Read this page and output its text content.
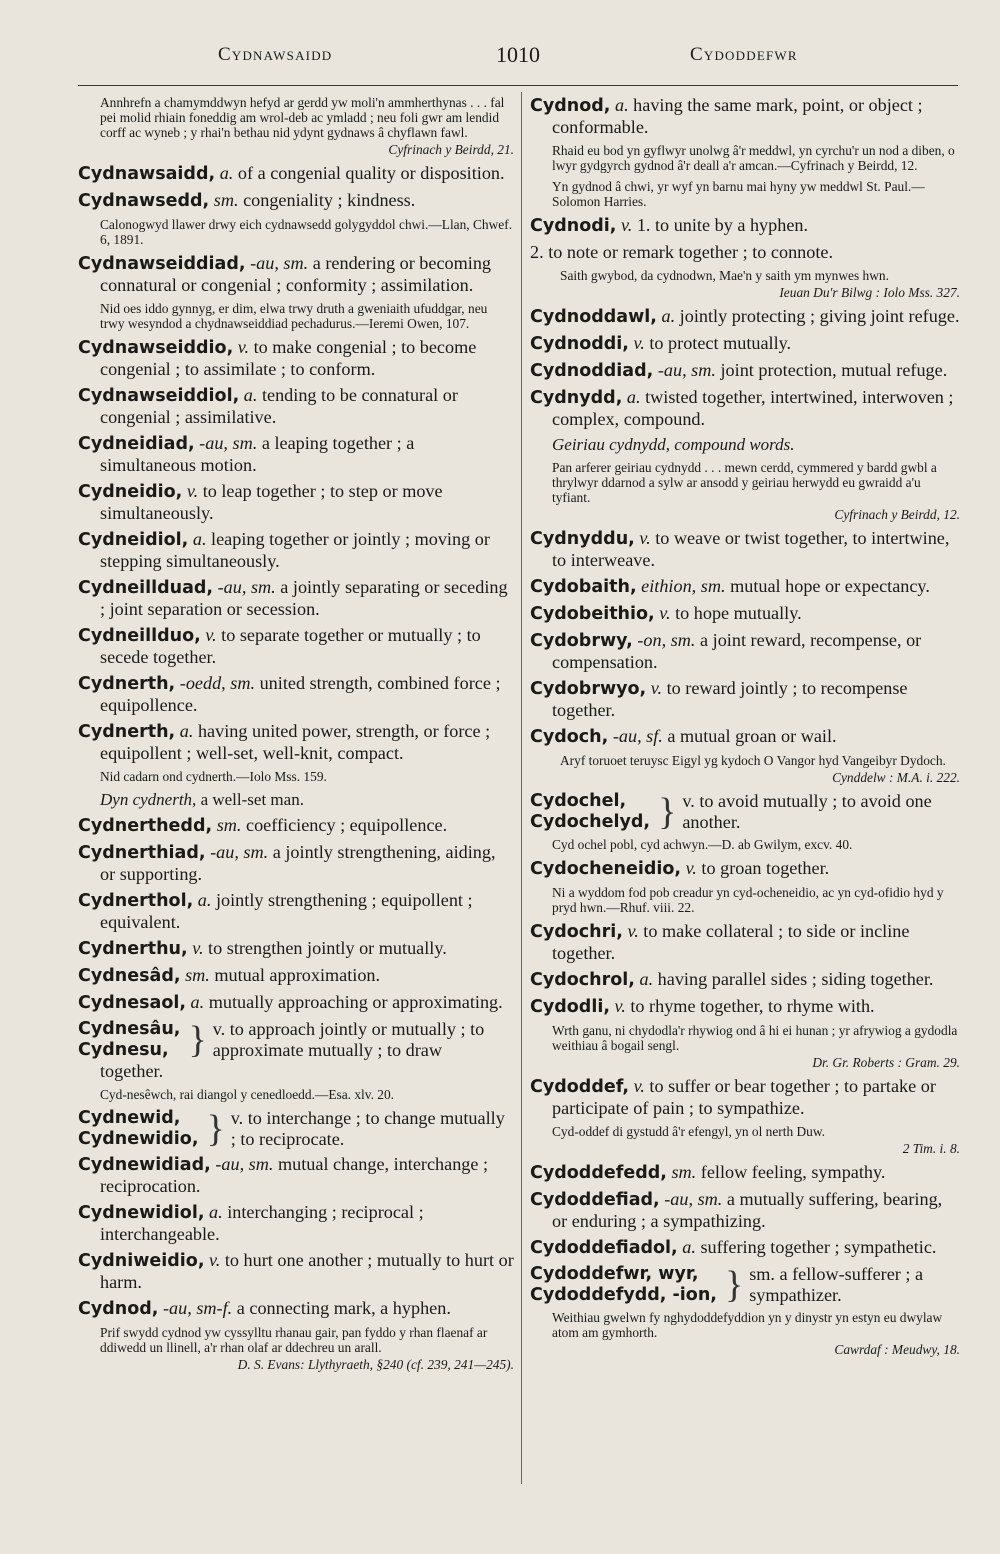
Cydnawsaidd	1010	Cydoddefwr
Annhrefn a chamymddwyn hefyd ar gerdd yw moli'n ammherthynas . . . fal pei molid rhiain foneddig am wrol-deb ac ymladd ; neu foli gwr am lendid corff ac wyneb ; y rhai'n bethau nid ydynt gydnaws â chyflawn fawl.
Cyfrinach y Beirdd, 21.
Cydnawsaidd, a. of a congenial quality or disposition.
Cydnawsedd, sm. congeniality ; kindness.
Calonogwyd llawer drwy eich cydnawsedd golygyddol chwi.—Llan, Chwef. 6, 1891.
Cydnawseiddiad, -au, sm. a rendering or becoming connatural or congenial ; conformity ; assimilation.
Nid oes iddo gynnyg, er dim, elwa trwy druth a gweniaith ufuddgar, neu trwy wesyndod a chydnawseiddiad pechadurus.—Ieremi Owen, 107.
Cydnawseiddio, v. to make congenial ; to become congenial ; to assimilate ; to conform.
Cydnawseiddiol, a. tending to be connatural or congenial ; assimilative.
Cydneidiad, -au, sm. a leaping together ; a simultaneous motion.
Cydneidio, v. to leap together ; to step or move simultaneously.
Cydneidiol, a. leaping together or jointly ; moving or stepping simultaneously.
Cydneillduad, -au, sm. a jointly separating or seceding ; joint separation or secession.
Cydneillduo, v. to separate together or mutually ; to secede together.
Cydnerth, -oedd, sm. united strength, combined force ; equipollence.
Cydnerth, a. having united power, strength, or force ; equipollent ; well-set, well-knit, compact.
Nid cadarn ond cydnerth.—Iolo Mss. 159.
Dyn cydnerth, a well-set man.
Cydnerthedd, sm. coefficiency ; equipollence.
Cydnerthiad, -au, sm. a jointly strengthening, aiding, or supporting.
Cydnerthol, a. jointly strengthening ; equipollent ; equivalent.
Cydnerthu, v. to strengthen jointly or mutually.
Cydnesâd, sm. mutual approximation.
Cydnesaol, a. mutually approaching or approximating.
Cydnesâu,
Cydnesu, } v. to approach jointly or mutually ; to approximate mutually ; to draw
together.
Cyd-nesêwch, rai diangol y cenedloedd.—Esa. xlv. 20.
Cydnewid,
Cydnewidio, } v. to interchange ; to change mutually ; to reciprocate.
Cydnewidiad, -au, sm. mutual change, interchange ; reciprocation.
Cydnewidiol, a. interchanging ; reciprocal ; interchangeable.
Cydniweidio, v. to hurt one another ; mutually to hurt or harm.
Cydnod, -au, sm-f. a connecting mark, a hyphen.
Prif swydd cydnod yw cyssylltu rhanau gair, pan fyddo y rhan flaenaf ar ddiwedd un llinell, a'r rhan olaf ar ddechreu un arall.
D. S. Evans: Llythyraeth, §240 (cf. 239, 241—245).
Cydnod, a. having the same mark, point, or object ; conformable.
Rhaid eu bod yn gyflwyr unolwg â'r meddwl, yn cyrchu'r un nod a diben, o lwyr gydgyrch gydnod â'r deall a'r amcan.—Cyfrinach y Beirdd, 12.
Yn gydnod â chwi, yr wyf yn barnu mai hyny yw meddwl St. Paul.—Solomon Harries.
Cydnodi, v. 1. to unite by a hyphen.
2. to note or remark together ; to connote.
Saith gwybod, da cydnodwn, Mae'n y saith ym mynwes hwn.
Ieuan Du'r Bilwg : Iolo Mss. 327.
Cydnoddawl, a. jointly protecting ; giving joint refuge.
Cydnoddi, v. to protect mutually.
Cydnoddiad, -au, sm. joint protection, mutual refuge.
Cydnydd, a. twisted together, intertwined, interwoven ; complex, compound.
Geiriau cydnydd, compound words.
Pan arferer geiriau cydnydd . . . mewn cerdd, cymmered y bardd gwbl a thrylwyr ddarnod a sylw ar ansodd y geiriau herwydd eu gwraidd a'u tyfiant.
Cyfrinach y Beirdd, 12.
Cydnyddu, v. to weave or twist together, to intertwine, to interweave.
Cydobaith, eithion, sm. mutual hope or expectancy.
Cydobeithio, v. to hope mutually.
Cydobrwy, -on, sm. a joint reward, recompense, or compensation.
Cydobrwyo, v. to reward jointly ; to recompense together.
Cydoch, -au, sf. a mutual groan or wail.
Aryf toruoet teruysc Eigyl yg kydoch O Vangor hyd Vangeibyr Dydoch.
Cynddelw : M.A. i. 222.
Cydochel,
Cydochelyd, } v. to avoid mutually ; to avoid one another.
Cyd ochel pobl, cyd achwyn.—D. ab Gwilym, excv. 40.
Cydocheneidio, v. to groan together.
Ni a wyddom fod pob creadur yn cyd-ocheneidio, ac yn cyd-ofidio hyd y pryd hwn.—Rhuf. viii. 22.
Cydochri, v. to make collateral ; to side or incline together.
Cydochrol, a. having parallel sides ; siding together.
Cydodli, v. to rhyme together, to rhyme with.
Wrth ganu, ni chydodla'r rhywiog ond â hi ei hunan ; yr afrywiog a gydodla weithiau â bogail sengl.
Dr. Gr. Roberts : Gram. 29.
Cydoddef, v. to suffer or bear together ; to partake or participate of pain ; to sympathize.
Cyd-oddef di gystudd â'r efengyl, yn ol nerth Duw.
2 Tim. i. 8.
Cydoddefedd, sm. fellow feeling, sympathy.
Cydoddefiad, -au, sm. a mutually suffering, bearing, or enduring ; a sympathizing.
Cydoddefiadol, a. suffering together ; sympathetic.
Cydoddefwr, wyr,
Cydoddefydd, -ion, } sm. a fellow-sufferer ; a sympathizer.
Weithiau gwelwn fy nghydoddefyddion yn y dinystr yn estyn eu dwylaw atom am gymhorth.
Cawrdaf : Meudwy, 18.
